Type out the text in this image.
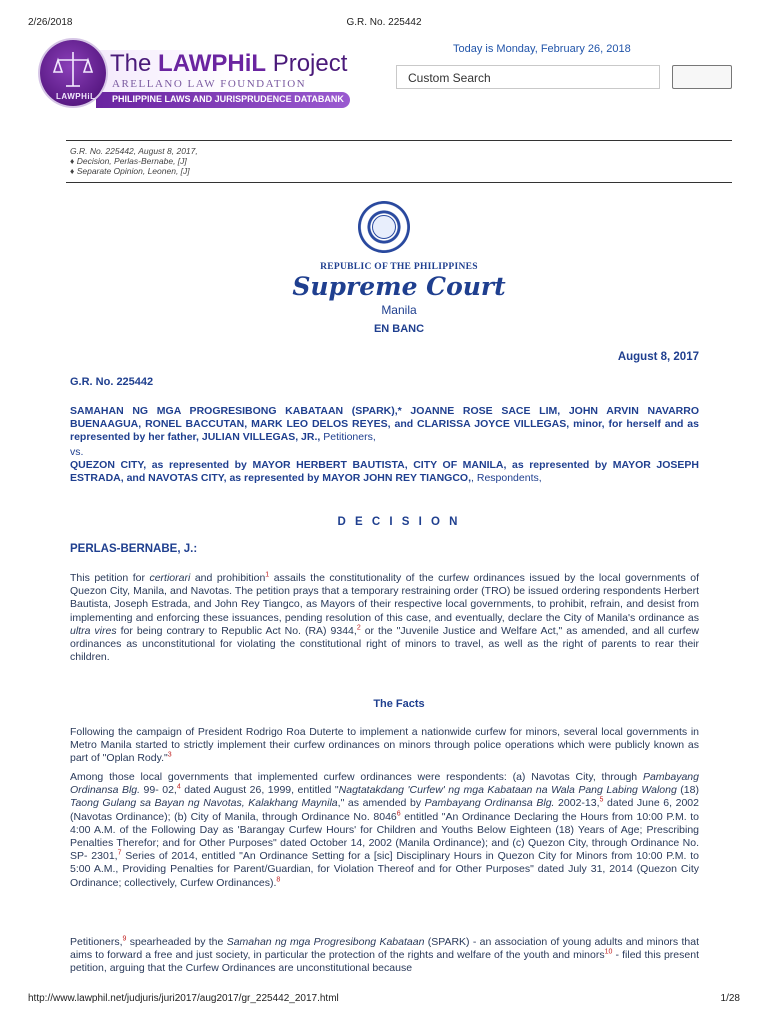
2/26/2018	G.R. No. 225442
LAWPHiL
The LAWPHiL Project
ARELLANO LAW FOUNDATION
PHILIPPINE LAWS AND JURISPRUDENCE DATABANK
Today is Monday, February 26, 2018
Custom Search
G.R. No. 225442, August 8, 2017,
♦ Decision, Perlas-Bernabe, [J]
♦ Separate Opinion, Leonen, [J]
REPUBLIC OF THE PHILIPPINES
Supreme Court
Manila
EN BANC
August 8, 2017
G.R. No. 225442
SAMAHAN NG MGA PROGRESIBONG KABATAAN (SPARK),* JOANNE ROSE SACE LIM, JOHN ARVIN NAVARRO BUENAAGUA, RONEL BACCUTAN, MARK LEO DELOS REYES, and CLARISSA JOYCE VILLEGAS, minor, for herself and as represented by her father, JULIAN VILLEGAS, JR., Petitioners,
vs.
QUEZON CITY, as represented by MAYOR HERBERT BAUTISTA, CITY OF MANILA, as represented by MAYOR JOSEPH ESTRADA, and NAVOTAS CITY, as represented by MAYOR JOHN REY TIANGCO,, Respondents,
D E C I S I O N
PERLAS-BERNABE, J.:
This petition for certiorari and prohibition$^1$ assails the constitutionality of the curfew ordinances issued by the local governments of Quezon City, Manila, and Navotas. The petition prays that a temporary restraining order (TRO) be issued ordering respondents Herbert Bautista, Joseph Estrada, and John Rey Tiangco, as Mayors of their respective local governments, to prohibit, refrain, and desist from implementing and enforcing these issuances, pending resolution of this case, and eventually, declare the City of Manila's ordinance as ultra vires for being contrary to Republic Act No. (RA) 9344,$^2$ or the "Juvenile Justice and Welfare Act," as amended, and all curfew ordinances as unconstitutional for violating the constitutional right of minors to travel, as well as the right of parents to rear their children.
The Facts
Following the campaign of President Rodrigo Roa Duterte to implement a nationwide curfew for minors, several local governments in Metro Manila started to strictly implement their curfew ordinances on minors through police operations which were publicly known as part of "Oplan Rody."$^3$
Among those local governments that implemented curfew ordinances were respondents: (a) Navotas City, through Pambayang Ordinansa Blg. 99- 02,$^4$ dated August 26, 1999, entitled "Nagtatakdang 'Curfew' ng mga Kabataan na Wala Pang Labing Walong (18) Taong Gulang sa Bayan ng Navotas, Kalakhang Maynila," as amended by Pambayang Ordinansa Blg. 2002-13,$^5$ dated June 6, 2002 (Navotas Ordinance); (b) City of Manila, through Ordinance No. 8046$^6$ entitled "An Ordinance Declaring the Hours from 10:00 P.M. to 4:00 A.M. of the Following Day as 'Barangay Curfew Hours' for Children and Youths Below Eighteen (18) Years of Age; Prescribing Penalties Therefor; and for Other Purposes" dated October 14, 2002 (Manila Ordinance); and (c) Quezon City, through Ordinance No. SP- 2301,$^7$ Series of 2014, entitled "An Ordinance Setting for a [sic] Disciplinary Hours in Quezon City for Minors from 10:00 P.M. to 5:00 A.M., Providing Penalties for Parent/Guardian, for Violation Thereof and for Other Purposes" dated July 31, 2014 (Quezon City Ordinance; collectively, Curfew Ordinances).$^8$
Petitioners,$^9$ spearheaded by the Samahan ng mga Progresibong Kabataan (SPARK) - an association of young adults and minors that aims to forward a free and just society, in particular the protection of the rights and welfare of the youth and minors$^{10}$ - filed this present petition, arguing that the Curfew Ordinances are unconstitutional because
http://www.lawphil.net/judjuris/juri2017/aug2017/gr_225442_2017.html	1/28
